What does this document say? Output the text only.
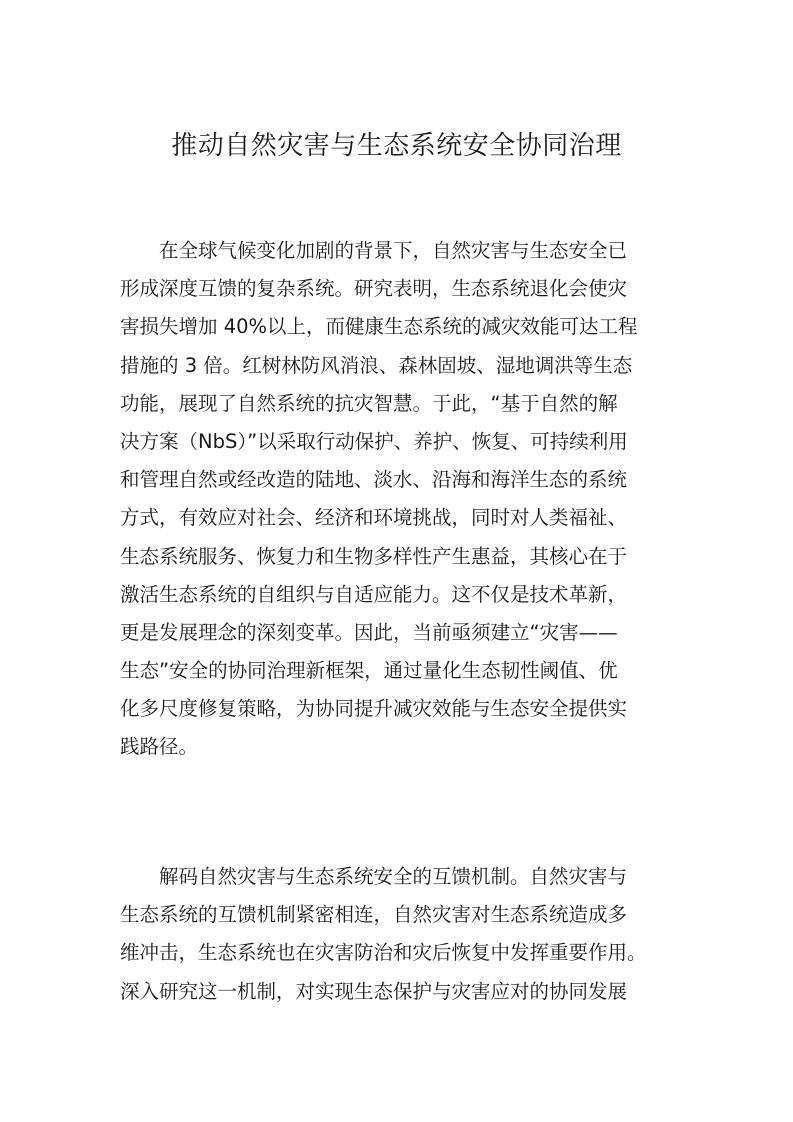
推动自然灾害与生态系统安全协同治理

在全球气候变化加剧的背景下，自然灾害与生态安全已
形成深度互馈的复杂系统。研究表明，生态系统退化会使灾
害损失增加 40%以上，而健康生态系统的减灾效能可达工程
措施的 3 倍。红树林防风消浪、森林固坡、湿地调洪等生态
功能，展现了自然系统的抗灾智慧。于此，“基于自然的解
决方案（NbS）”以采取行动保护、养护、恢复、可持续利用
和管理自然或经改造的陆地、淡水、沿海和海洋生态的系统
方式，有效应对社会、经济和环境挑战，同时对人类福祉、
生态系统服务、恢复力和生物多样性产生惠益，其核心在于
激活生态系统的自组织与自适应能力。这不仅是技术革新，
更是发展理念的深刻变革。因此，当前亟须建立“灾害——
生态”安全的协同治理新框架，通过量化生态韧性阈值、优
化多尺度修复策略，为协同提升减灾效能与生态安全提供实
践路径。

解码自然灾害与生态系统安全的互馈机制。自然灾害与
生态系统的互馈机制紧密相连，自然灾害对生态系统造成多
维冲击，生态系统也在灾害防治和灾后恢复中发挥重要作用。
深入研究这一机制，对实现生态保护与灾害应对的协同发展
